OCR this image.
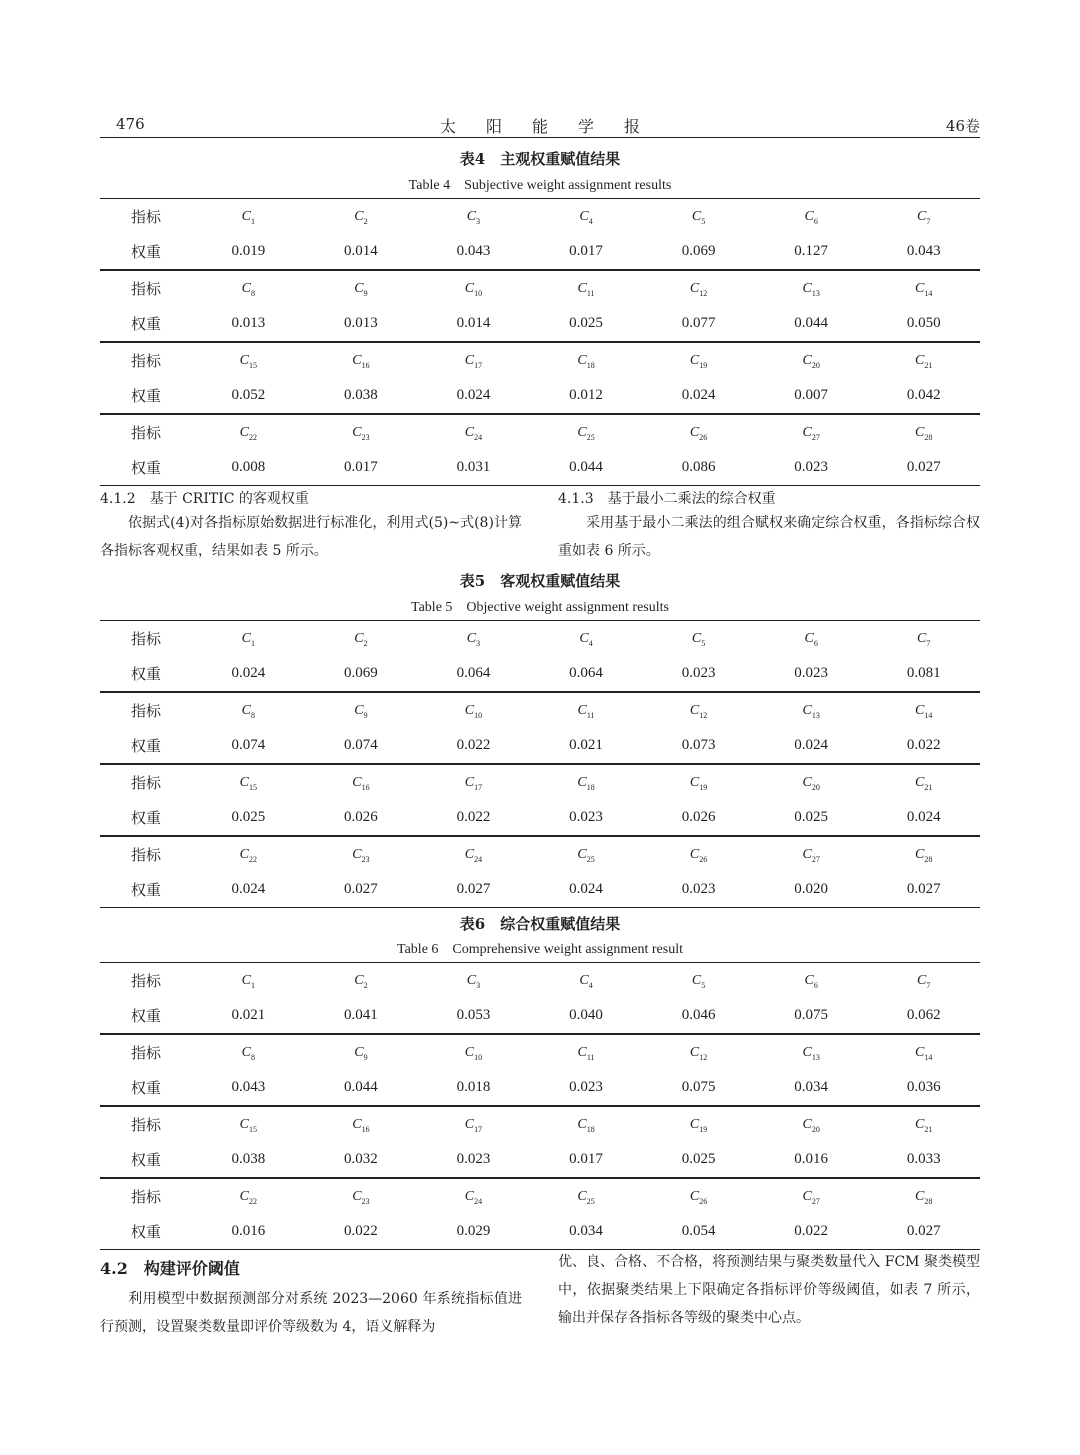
476	太阳能学报	46卷
表4　主观权重赋值结果
Table 4　Subjective weight assignment results
指标	$C_1$	$C_2$	$C_3$	$C_4$	$C_5$	$C_6$	$C_7$
权重	0.019	0.014	0.043	0.017	0.069	0.127	0.043
指标	$C_8$	$C_9$	$C_{10}$	$C_{11}$	$C_{12}$	$C_{13}$	$C_{14}$
权重	0.013	0.013	0.014	0.025	0.077	0.044	0.050
指标	$C_{15}$	$C_{16}$	$C_{17}$	$C_{18}$	$C_{19}$	$C_{20}$	$C_{21}$
权重	0.052	0.038	0.024	0.012	0.024	0.007	0.042
指标	$C_{22}$	$C_{23}$	$C_{24}$	$C_{25}$	$C_{26}$	$C_{27}$	$C_{28}$
权重	0.008	0.017	0.031	0.044	0.086	0.023	0.027
4.1.2　基于 CRITIC 的客观权重
依据式(4)对各指标原始数据进行标准化，利用式(5)~式(8)计算各指标客观权重，结果如表 5 所示。
4.1.3　基于最小二乘法的综合权重
采用基于最小二乘法的组合赋权来确定综合权重，各指标综合权重如表 6 所示。
表5　客观权重赋值结果
Table 5　Objective weight assignment results
指标	$C_1$	$C_2$	$C_3$	$C_4$	$C_5$	$C_6$	$C_7$
权重	0.024	0.069	0.064	0.064	0.023	0.023	0.081
指标	$C_8$	$C_9$	$C_{10}$	$C_{11}$	$C_{12}$	$C_{13}$	$C_{14}$
权重	0.074	0.074	0.022	0.021	0.073	0.024	0.022
指标	$C_{15}$	$C_{16}$	$C_{17}$	$C_{18}$	$C_{19}$	$C_{20}$	$C_{21}$
权重	0.025	0.026	0.022	0.023	0.026	0.025	0.024
指标	$C_{22}$	$C_{23}$	$C_{24}$	$C_{25}$	$C_{26}$	$C_{27}$	$C_{28}$
权重	0.024	0.027	0.027	0.024	0.023	0.020	0.027
表6　综合权重赋值结果
Table 6　Comprehensive weight assignment result
指标	$C_1$	$C_2$	$C_3$	$C_4$	$C_5$	$C_6$	$C_7$
权重	0.021	0.041	0.053	0.040	0.046	0.075	0.062
指标	$C_8$	$C_9$	$C_{10}$	$C_{11}$	$C_{12}$	$C_{13}$	$C_{14}$
权重	0.043	0.044	0.018	0.023	0.075	0.034	0.036
指标	$C_{15}$	$C_{16}$	$C_{17}$	$C_{18}$	$C_{19}$	$C_{20}$	$C_{21}$
权重	0.038	0.032	0.023	0.017	0.025	0.016	0.033
指标	$C_{22}$	$C_{23}$	$C_{24}$	$C_{25}$	$C_{26}$	$C_{27}$	$C_{28}$
权重	0.016	0.022	0.029	0.034	0.054	0.022	0.027
4.2　构建评价阈值
利用模型中数据预测部分对系统 2023—2060 年系统指标值进行预测，设置聚类数量即评价等级数为 4，语义解释为
优、良、合格、不合格，将预测结果与聚类数量代入 FCM 聚类模型中，依据聚类结果上下限确定各指标评价等级阈值，如表 7 所示，输出并保存各指标各等级的聚类中心点。
